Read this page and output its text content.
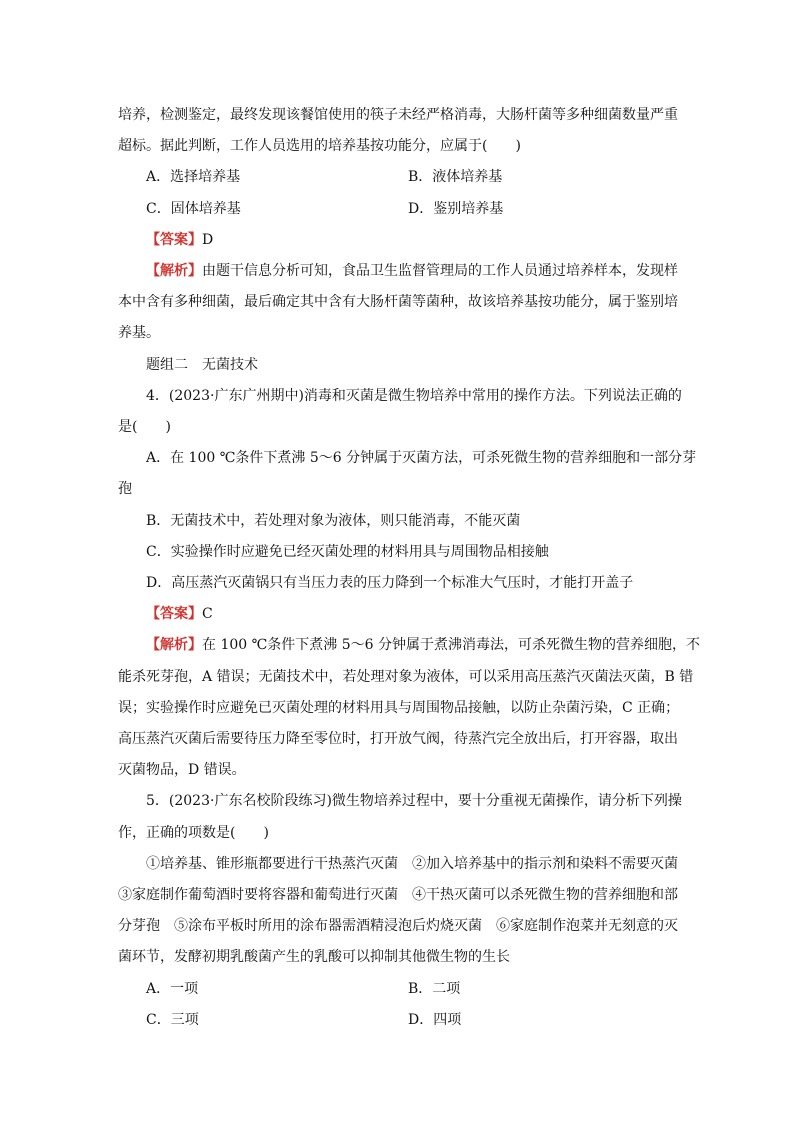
培养，检测鉴定，最终发现该餐馆使用的筷子未经严格消毒，大肠杆菌等多种细菌数量严重

超标。据此判断，工作人员选用的培养基按功能分，应属于(　　)

A．选择培养基	B．液体培养基
C．固体培养基	D．鉴别培养基

【答案】D

【解析】由题干信息分析可知，食品卫生监督管理局的工作人员通过培养样本，发现样

本中含有多种细菌，最后确定其中含有大肠杆菌等菌种，故该培养基按功能分，属于鉴别培

养基。

题组二　无菌技术

4．(2023·广东广州期中)消毒和灭菌是微生物培养中常用的操作方法。下列说法正确的

是(　　)

A．在 100 ℃条件下煮沸 5～6 分钟属于灭菌方法，可杀死微生物的营养细胞和一部分芽

孢

B．无菌技术中，若处理对象为液体，则只能消毒，不能灭菌

C．实验操作时应避免已经灭菌处理的材料用具与周围物品相接触

D．高压蒸汽灭菌锅只有当压力表的压力降到一个标准大气压时，才能打开盖子

【答案】C

【解析】在 100 ℃条件下煮沸 5～6 分钟属于煮沸消毒法，可杀死微生物的营养细胞，不

能杀死芽孢，A 错误；无菌技术中，若处理对象为液体，可以采用高压蒸汽灭菌法灭菌，B 错

误；实验操作时应避免已灭菌处理的材料用具与周围物品接触，以防止杂菌污染，C 正确；

高压蒸汽灭菌后需要待压力降至零位时，打开放气阀，待蒸汽完全放出后，打开容器，取出

灭菌物品，D 错误。

5．(2023·广东名校阶段练习)微生物培养过程中，要十分重视无菌操作，请分析下列操

作，正确的项数是(　　)

①培养基、锥形瓶都要进行干热蒸汽灭菌　②加入培养基中的指示剂和染料不需要灭菌

③家庭制作葡萄酒时要将容器和葡萄进行灭菌　④干热灭菌可以杀死微生物的营养细胞和部

分芽孢　⑤涂布平板时所用的涂布器需酒精浸泡后灼烧灭菌　⑥家庭制作泡菜并无刻意的灭

菌环节，发酵初期乳酸菌产生的乳酸可以抑制其他微生物的生长

A．一项	B．二项
C．三项	D．四项
